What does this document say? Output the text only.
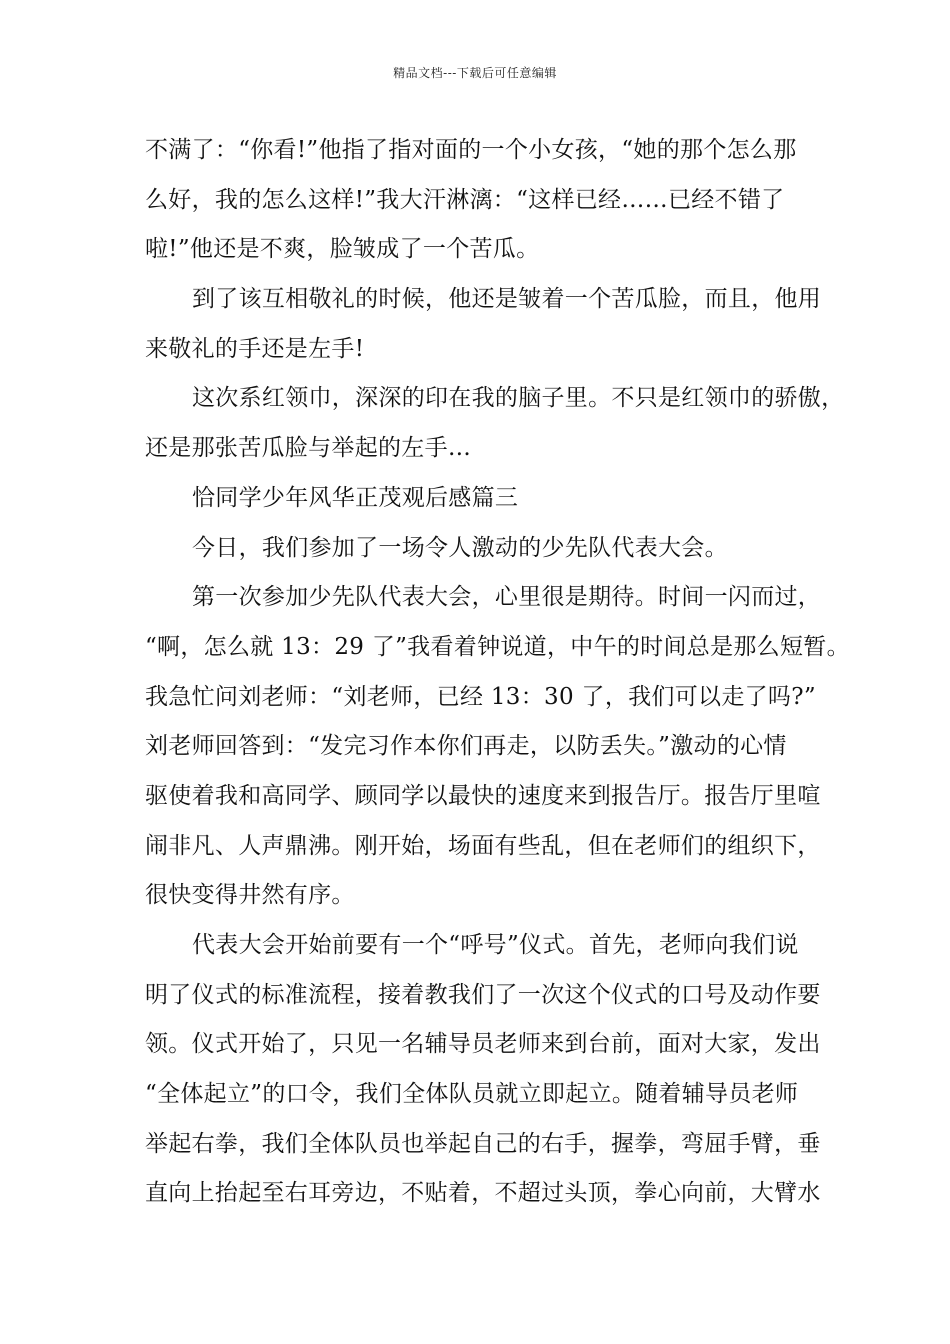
精品文档---下载后可任意编辑
不满了：“你看!”他指了指对面的一个小女孩，“她的那个怎么那
么好，我的怎么这样!”我大汗淋漓：“这样已经……已经不错了
啦!”他还是不爽，脸皱成了一个苦瓜。
到了该互相敬礼的时候，他还是皱着一个苦瓜脸，而且，他用
来敬礼的手还是左手!
这次系红领巾，深深的印在我的脑子里。不只是红领巾的骄傲，
还是那张苦瓜脸与举起的左手…
恰同学少年风华正茂观后感篇三
今日，我们参加了一场令人激动的少先队代表大会。
第一次参加少先队代表大会，心里很是期待。时间一闪而过，
“啊，怎么就 13：29 了”我看着钟说道，中午的时间总是那么短暂。
我急忙问刘老师：“刘老师，已经 13：30 了，我们可以走了吗?”
刘老师回答到：“发完习作本你们再走，以防丢失。”激动的心情
驱使着我和高同学、顾同学以最快的速度来到报告厅。报告厅里喧
闹非凡、人声鼎沸。刚开始，场面有些乱，但在老师们的组织下，
很快变得井然有序。
代表大会开始前要有一个“呼号”仪式。首先，老师向我们说
明了仪式的标准流程，接着教我们了一次这个仪式的口号及动作要
领。仪式开始了，只见一名辅导员老师来到台前，面对大家，发出
“全体起立”的口令，我们全体队员就立即起立。随着辅导员老师
举起右拳，我们全体队员也举起自己的右手，握拳，弯屈手臂，垂
直向上抬起至右耳旁边，不贴着，不超过头顶，拳心向前，大臂水
